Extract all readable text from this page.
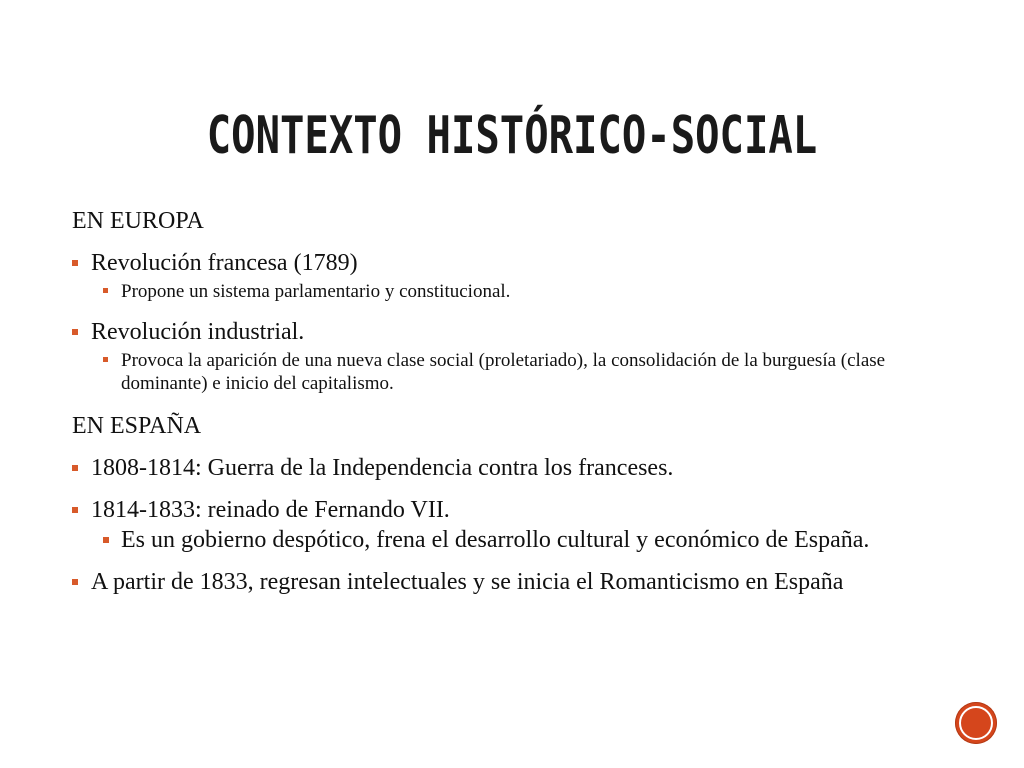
CONTEXTO HISTÓRICO-SOCIAL
EN EUROPA
Revolución francesa (1789)
Propone un sistema parlamentario y constitucional.
Revolución industrial.
Provoca la aparición de una nueva clase social (proletariado), la consolidación de la burguesía (clase dominante) e inicio del capitalismo.
EN ESPAÑA
1808-1814: Guerra de la Independencia contra los franceses.
1814-1833: reinado de Fernando VII.
Es un gobierno despótico, frena el desarrollo cultural y económico de España.
A partir de 1833, regresan intelectuales y se inicia el Romanticismo en España
